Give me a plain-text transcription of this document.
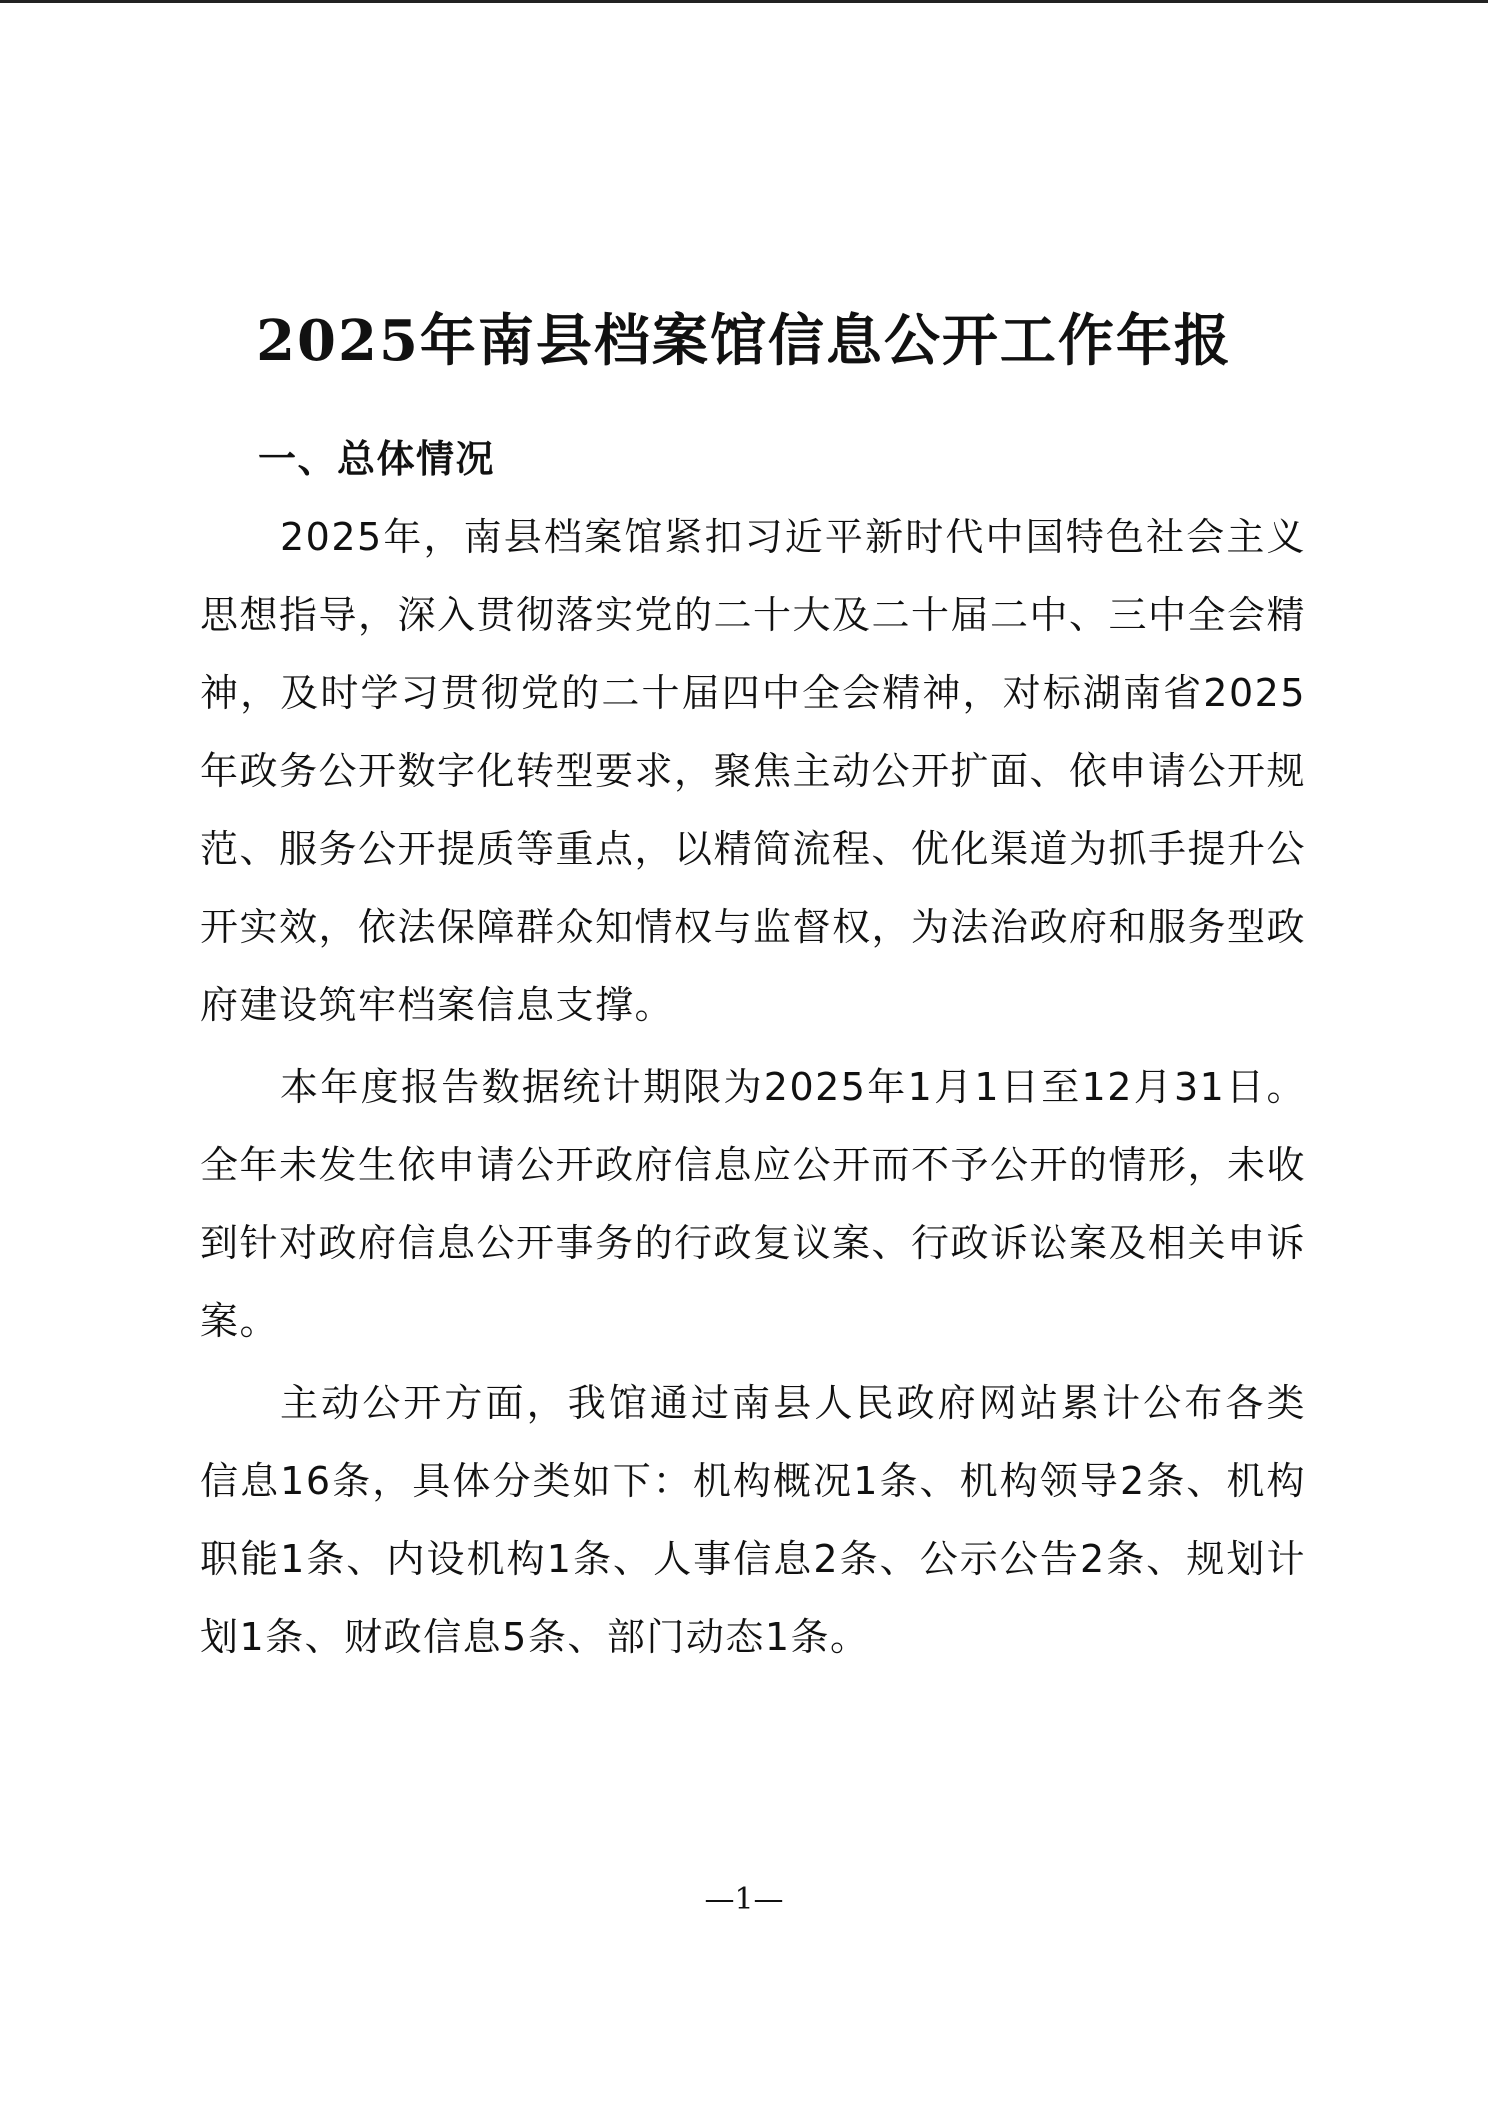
2025年南县档案馆信息公开工作年报
一、总体情况

2025年，南县档案馆紧扣习近平新时代中国特色社会主义思想指导，深入贯彻落实党的二十大及二十届二中、三中全会精神，及时学习贯彻党的二十届四中全会精神，对标湖南省2025年政务公开数字化转型要求，聚焦主动公开扩面、依申请公开规范、服务公开提质等重点，以精简流程、优化渠道为抓手提升公开实效，依法保障群众知情权与监督权，为法治政府和服务型政府建设筑牢档案信息支撑。

本年度报告数据统计期限为2025年1月1日至12月31日。全年未发生依申请公开政府信息应公开而不予公开的情形，未收到针对政府信息公开事务的行政复议案、行政诉讼案及相关申诉案。

主动公开方面，我馆通过南县人民政府网站累计公布各类信息16条，具体分类如下：机构概况1条、机构领导2条、机构职能1条、内设机构1条、人事信息2条、公示公告2条、规划计划1条、财政信息5条、部门动态1条。

—1—
